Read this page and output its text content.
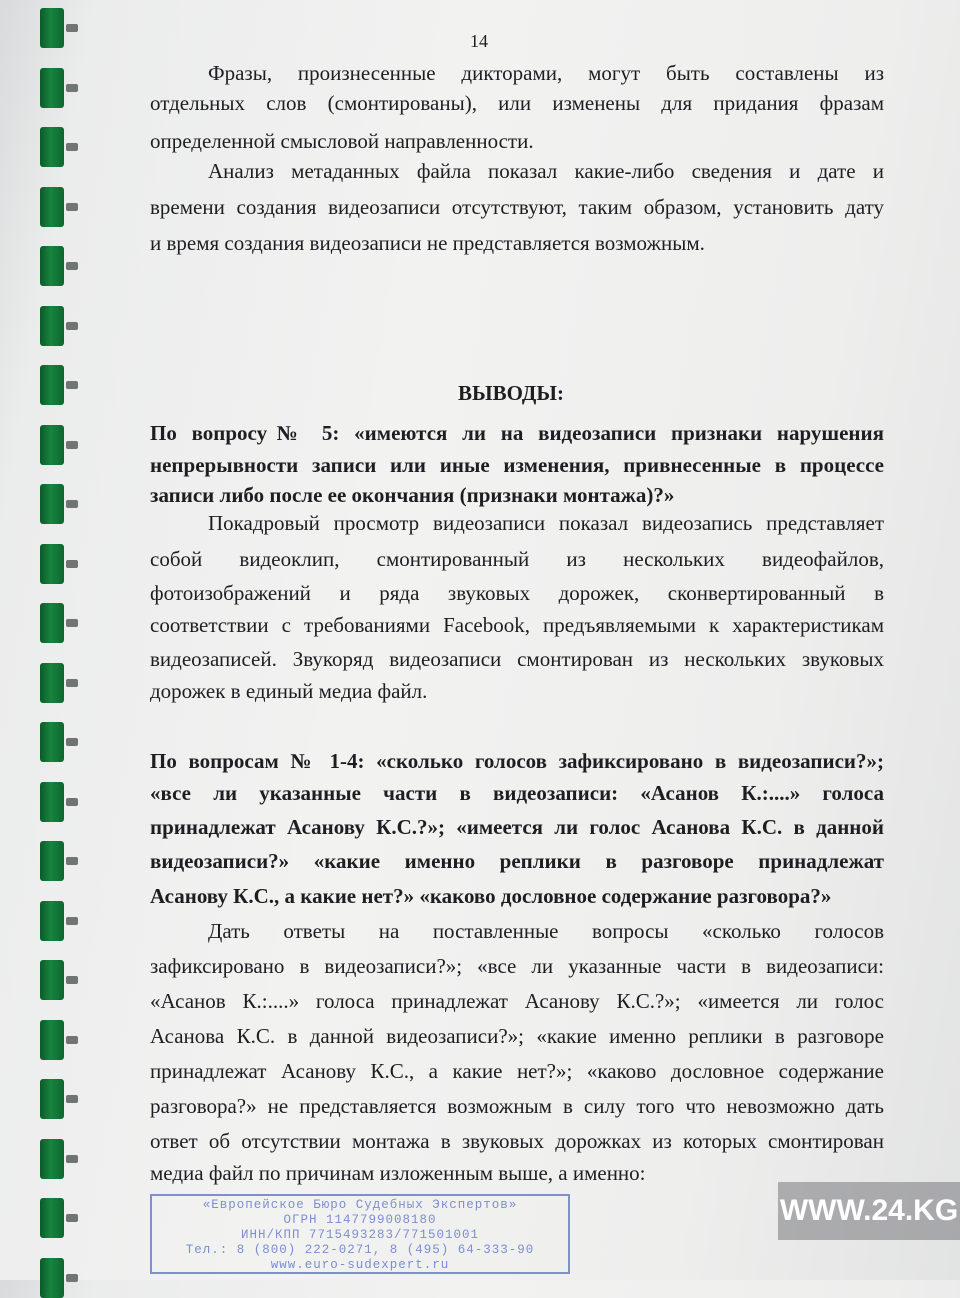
14
Фразы, произнесенные дикторами, могут быть составлены из
отдельных слов (смонтированы), или изменены для придания фразам
определенной смысловой направленности.
Анализ метаданных файла показал какие-либо сведения и дате и
времени создания видеозаписи отсутствуют, таким образом, установить дату
и время создания видеозаписи не представляется возможным.
По вопросу№ 5: «имеются ли на видеозаписи признаки нарушения
непрерывности записи или иные изменения, привнесенные в процессе
записи либо после ее окончания (признаки монтажа)?»
Покадровый просмотр видеозаписи показал видеозапись представляет
собой видеоклип, смонтированный из нескольких видеофайлов,
фотоизображений и ряда звуковых дорожек, сконвертированный в
соответствии с требованиями Facebook, предъявляемыми к характеристикам
видеозаписей. Звукоряд видеозаписи смонтирован из нескольких звуковых
дорожек в единый медиа файл.
По вопросам № 1-4: «сколько голосов зафиксировано в видеозаписи?»;
«все ли указанные части в видеозаписи: «Асанов К.:....» голоса
принадлежат Асанову К.С.?»; «имеется ли голос Асанова К.С. в данной
видеозаписи?» «какие именно реплики в разговоре принадлежат
Асанову К.С., а какие нет?» «каково дословное содержание разговора?»
Дать ответы на поставленные вопросы «сколько голосов
зафиксировано в видеозаписи?»; «все ли указанные части в видеозаписи:
«Асанов К.:....» голоса принадлежат Асанову К.С.?»; «имеется ли голос
Асанова К.С. в данной видеозаписи?»; «какие именно реплики в разговоре
принадлежат Асанову К.С., а какие нет?»; «каково дословное содержание
разговора?» не представляется возможным в силу того что невозможно дать
ответ об отсутствии монтажа в звуковых дорожках из которых смонтирован
медиа файл по причинам изложенным выше, а именно:
ВЫВОДЫ:
«Европейское Бюро Судебных Экспертов»
ОГРН 1147799008180
ИНН/КПП 7715493283/771501001
Тел.: 8 (800) 222-0271, 8 (495) 64-333-90
www.euro-sudexpert.ru
WWW.24.KG
